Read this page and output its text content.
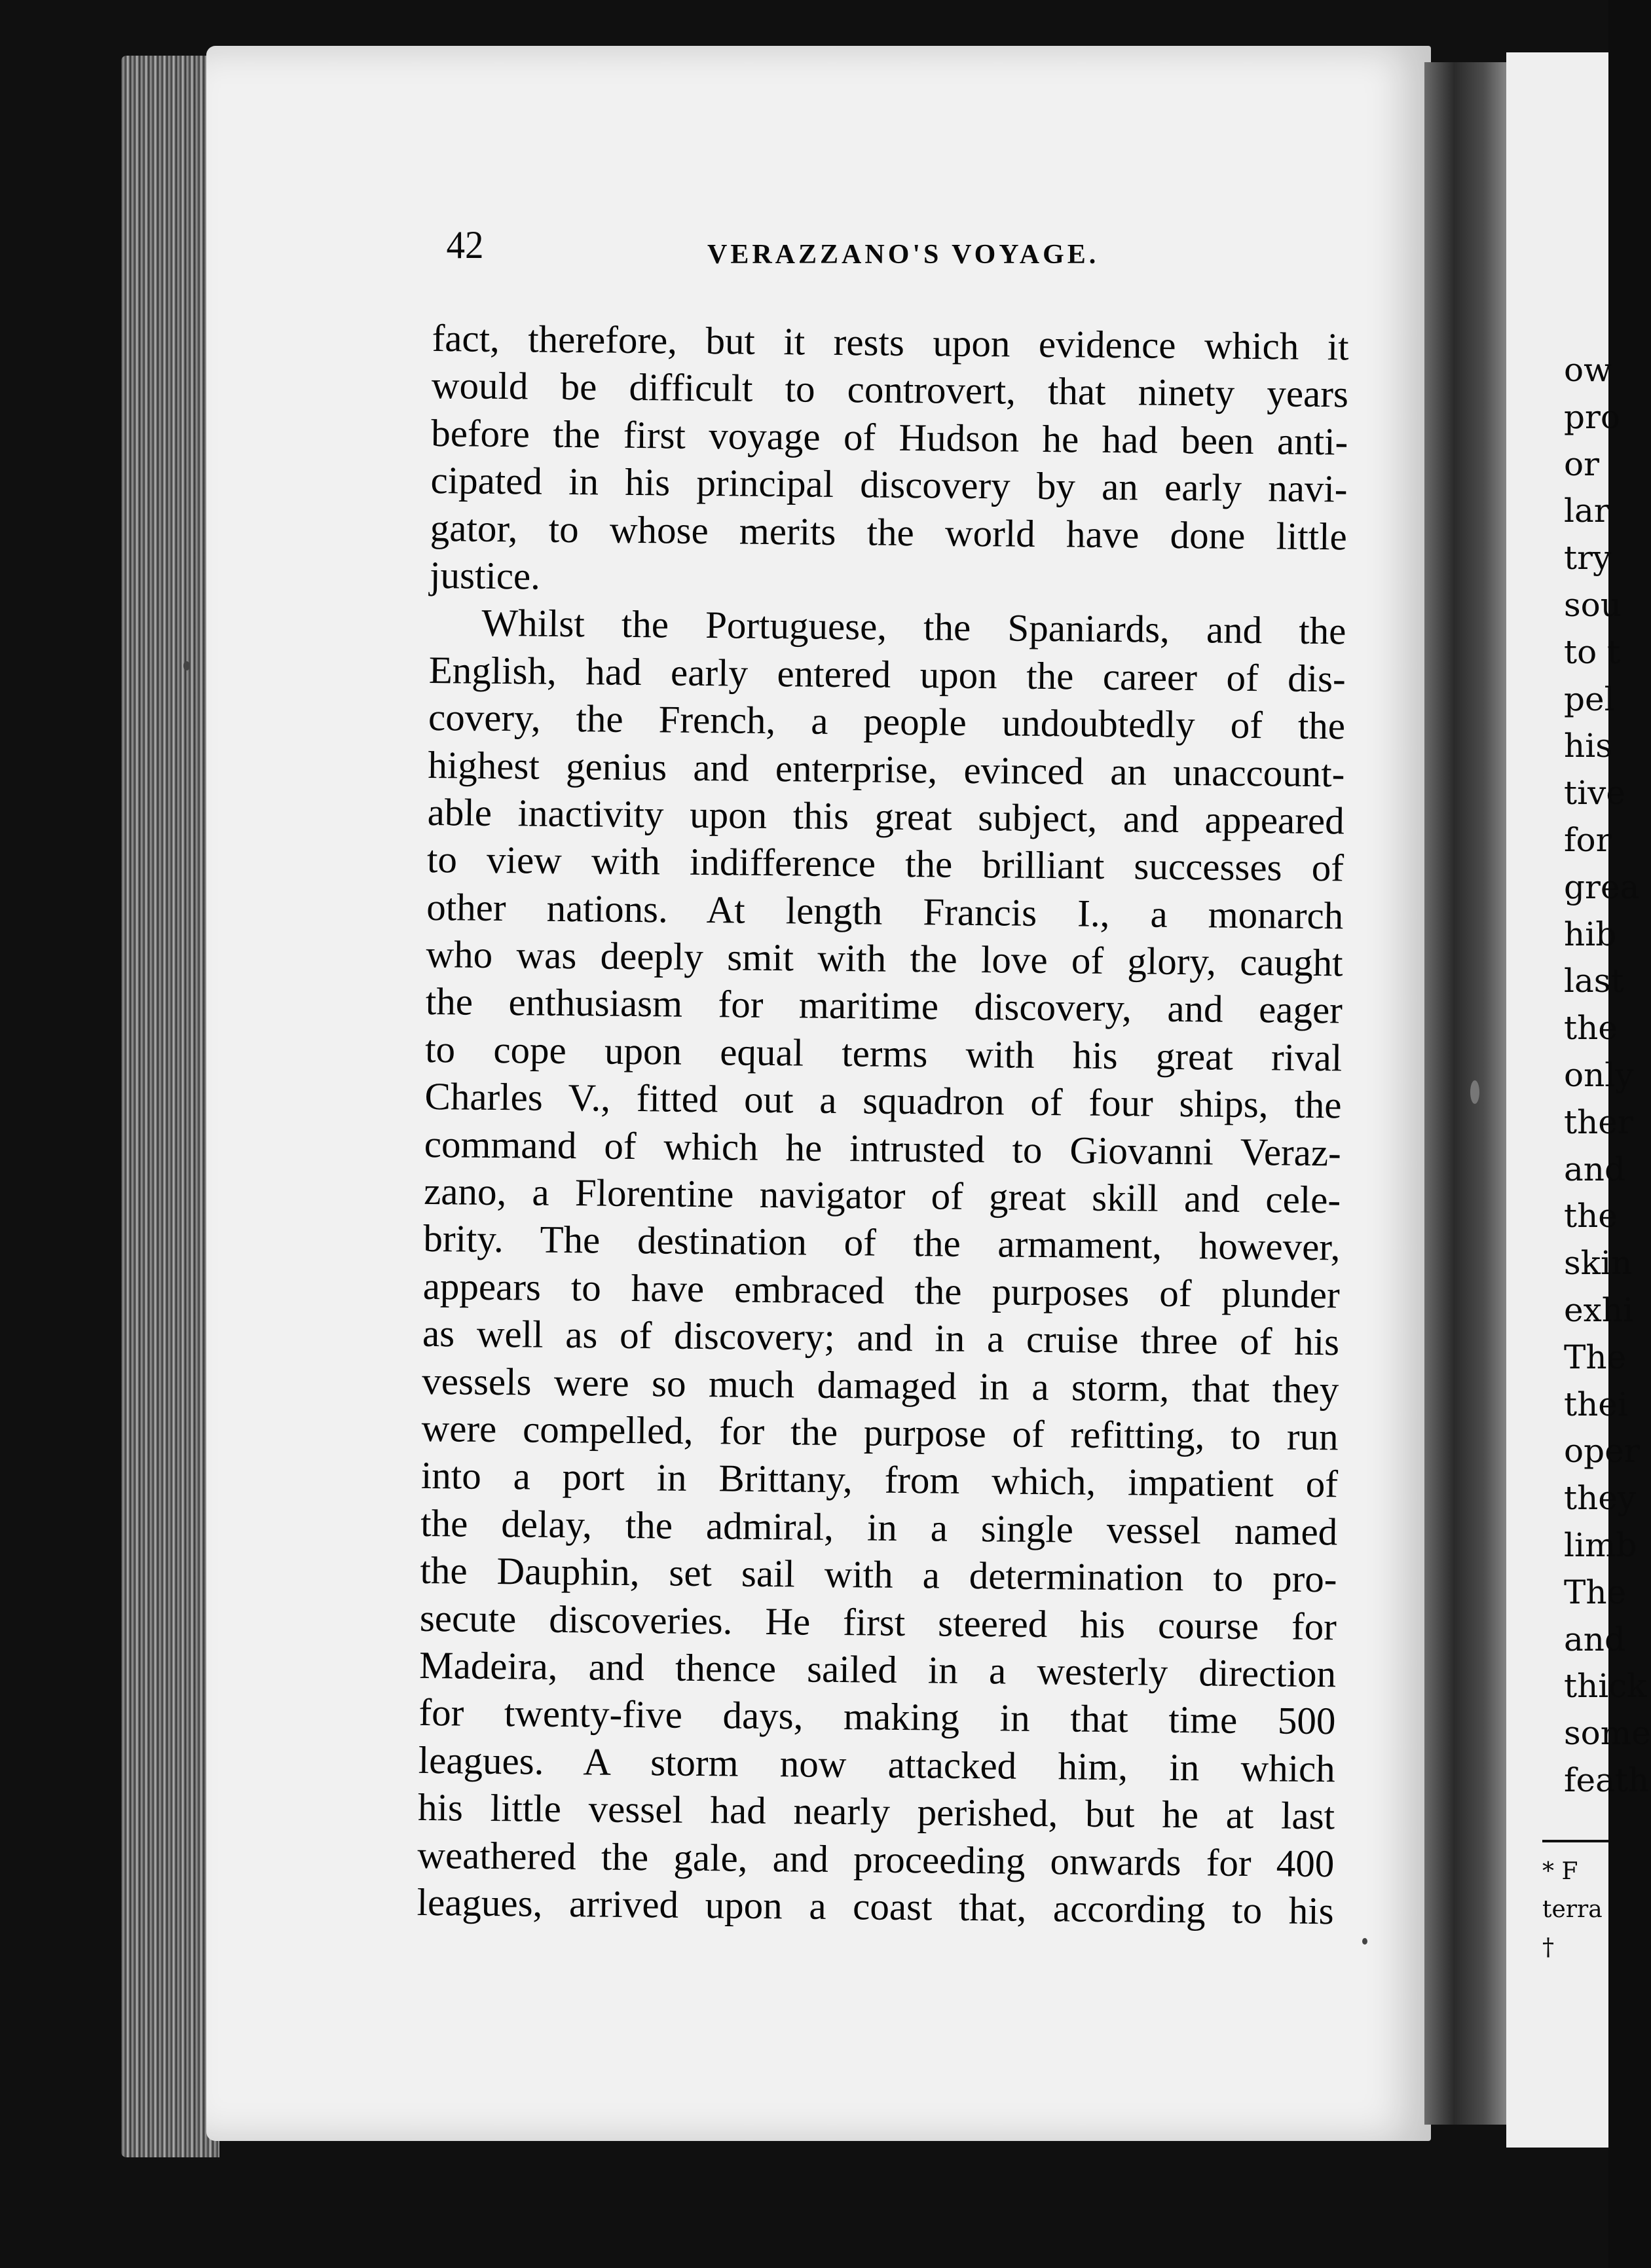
42	VERAZZANO'S VOYAGE.
fact, therefore, but it rests upon evidence which it
would be difficult to controvert, that ninety years
before the first voyage of Hudson he had been anti-
cipated in his principal discovery by an early navi-
gator, to whose merits the world have done little
justice.
Whilst the Portuguese, the Spaniards, and the
English, had early entered upon the career of dis-
covery, the French, a people undoubtedly of the
highest genius and enterprise, evinced an unaccount-
able inactivity upon this great subject, and appeared
to view with indifference the brilliant successes of
other nations. At length Francis I., a monarch
who was deeply smit with the love of glory, caught
the enthusiasm for maritime discovery, and eager
to cope upon equal terms with his great rival
Charles V., fitted out a squadron of four ships, the
command of which he intrusted to Giovanni Veraz-
zano, a Florentine navigator of great skill and cele-
brity. The destination of the armament, however,
appears to have embraced the purposes of plunder
as well as of discovery; and in a cruise three of his
vessels were so much damaged in a storm, that they
were compelled, for the purpose of refitting, to run
into a port in Brittany, from which, impatient of
the delay, the admiral, in a single vessel named
the Dauphin, set sail with a determination to pro-
secute discoveries. He first steered his course for
Madeira, and thence sailed in a westerly direction
for twenty-five days, making in that time 500
leagues. A storm now attacked him, in which
his little vessel had nearly perished, but he at last
weathered the gale, and proceeding onwards for 400
leagues, arrived upon a coast that, according to his
ow
pro
or
lar
try
sou
to t
pel
his
tive
for
grea
hib
last
the
only
ther
and
the
skin
exhi
The
thei
oper
they
limb
The
and
thick
some
feath
* F
terra
†
